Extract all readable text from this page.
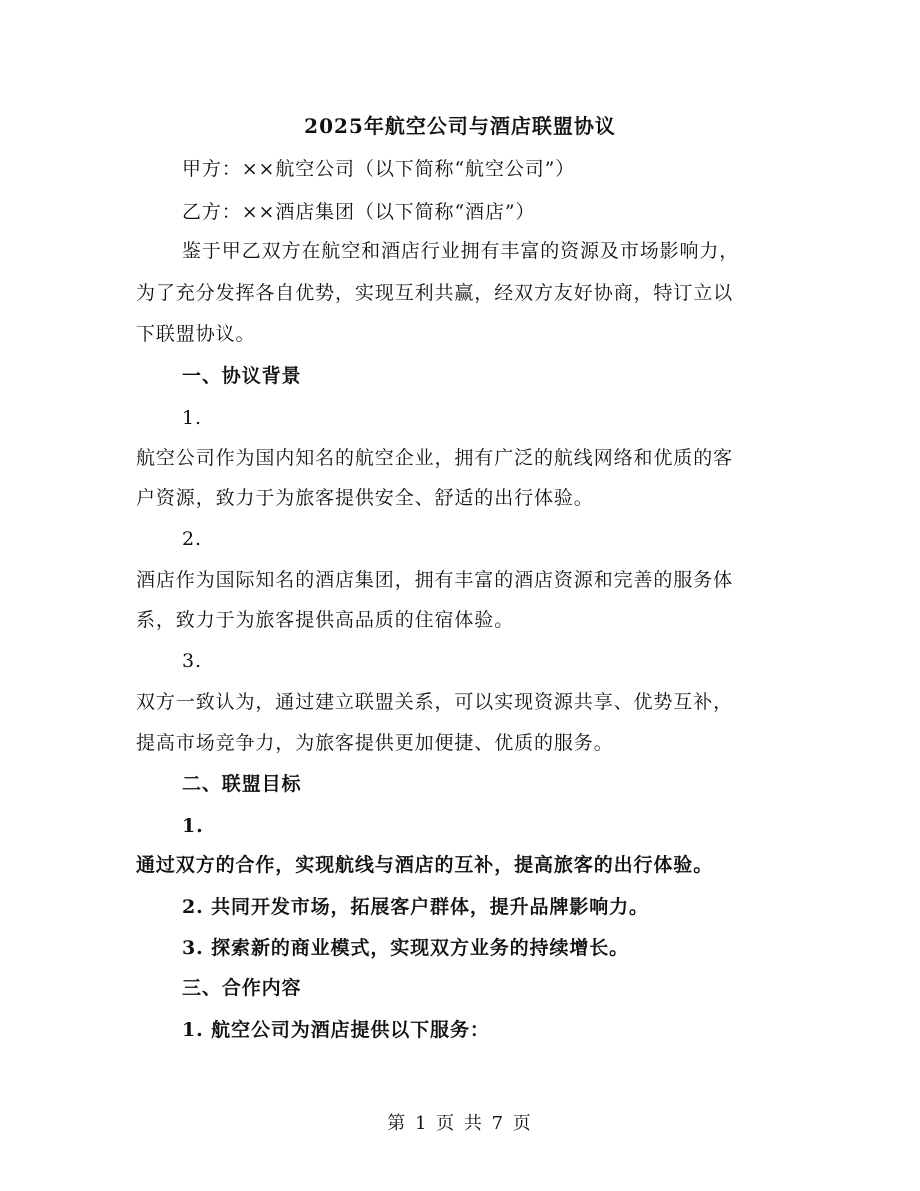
2025年航空公司与酒店联盟协议
甲方：××航空公司（以下简称“航空公司”）
乙方：××酒店集团（以下简称“酒店”）
鉴于甲乙双方在航空和酒店行业拥有丰富的资源及市场影响力，
为了充分发挥各自优势，实现互利共赢，经双方友好协商，特订立以
下联盟协议。
一、协议背景
1.
航空公司作为国内知名的航空企业，拥有广泛的航线网络和优质的客
户资源，致力于为旅客提供安全、舒适的出行体验。
2.
酒店作为国际知名的酒店集团，拥有丰富的酒店资源和完善的服务体
系，致力于为旅客提供高品质的住宿体验。
3.
双方一致认为，通过建立联盟关系，可以实现资源共享、优势互补，
提高市场竞争力，为旅客提供更加便捷、优质的服务。
二、联盟目标
1.
通过双方的合作，实现航线与酒店的互补，提高旅客的出行体验。
2. 共同开发市场，拓展客户群体，提升品牌影响力。
3. 探索新的商业模式，实现双方业务的持续增长。
三、合作内容
1. 航空公司为酒店提供以下服务：
第 1 页 共 7 页
